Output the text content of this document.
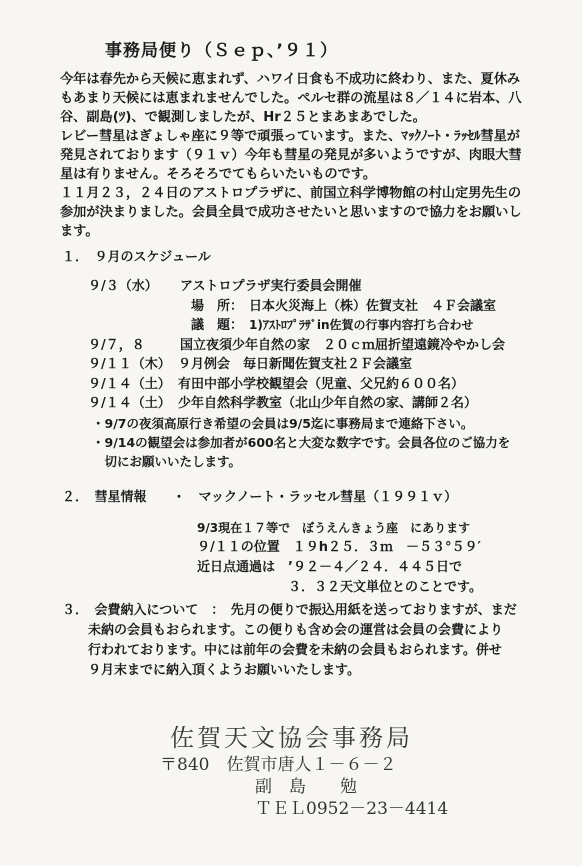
事務局便り（Ｓｅｐ、’９１）

今年は春先から天候に恵まれず、ハワイ日食も不成功に終わり、また、夏休み

もあまり天候には恵まれませんでした。ペルセ群の流星は８／１４に岩本、八

谷、副島(ﾂ)、で観測しましたが、Hr２５とまあまあでした。

レビー彗星はぎょしゃ座に９等で頑張っています。また、ﾏｯｸﾉｰﾄ・ﾗｯｾﾙ彗星が

発見されております（９１ｖ）今年も彗星の発見が多いようですが、肉眼大彗

星は有りません。そろそろでてもらいたいものです。

１１月２３，２４日のアストロプラザに、前国立科学博物館の村山定男先生の

参加が決まりました。会員全員で成功させたいと思いますので協力をお願いし

ます。

１．　９月のスケジュール
９/３（水）	アストロプラザ実行委員会開催
場　所： 日本火災海上（株）佐賀支社　４Ｆ会議室
議　題： 1)ｱｽﾄﾛﾌﾟﾗｻﾞin佐賀の行事内容打ち合わせ
９/７，８	国立夜須少年自然の家　２０ｃｍ屈折望遠鏡冷やかし会
９/１１（木） ９月例会　毎日新聞佐賀支社２Ｆ会議室
９/１４（土） 有田中部小学校観望会（児童、父兄約６００名）
９/１４（土） 少年自然科学教室（北山少年自然の家、講師２名）

・9/7の夜須高原行き希望の会員は9/5迄に事務局まで連絡下さい。

・9/14の観望会は参加者が600名と大変な数字です。会員各位のご協力を

　切にお願いいたします。

２．　彗星情報　　・　マックノート・ラッセル彗星（１９９１ｖ）

9/3現在１７等で　ぼうえんきょう座　にあります

９/１１の位置　１９h２５．３ｍ　－５３°５９′

近日点通過は　’９２－４／２４．４４５日で

　　　　　　　３．３２天文単位とのことです。

３．　会費納入について　：　先月の便りで振込用紙を送っておりますが、まだ

　　未納の会員もおられます。この便りも含め会の運営は会員の会費により

　　行われております。中には前年の会費を未納の会員もおられます。併せ

　　９月末までに納入頂くようお願いいたします。

佐賀天文協会事務局
〒840　佐賀市唐人１－６－２
副　島　　勉
ＴＥＬ0952－23－4414
